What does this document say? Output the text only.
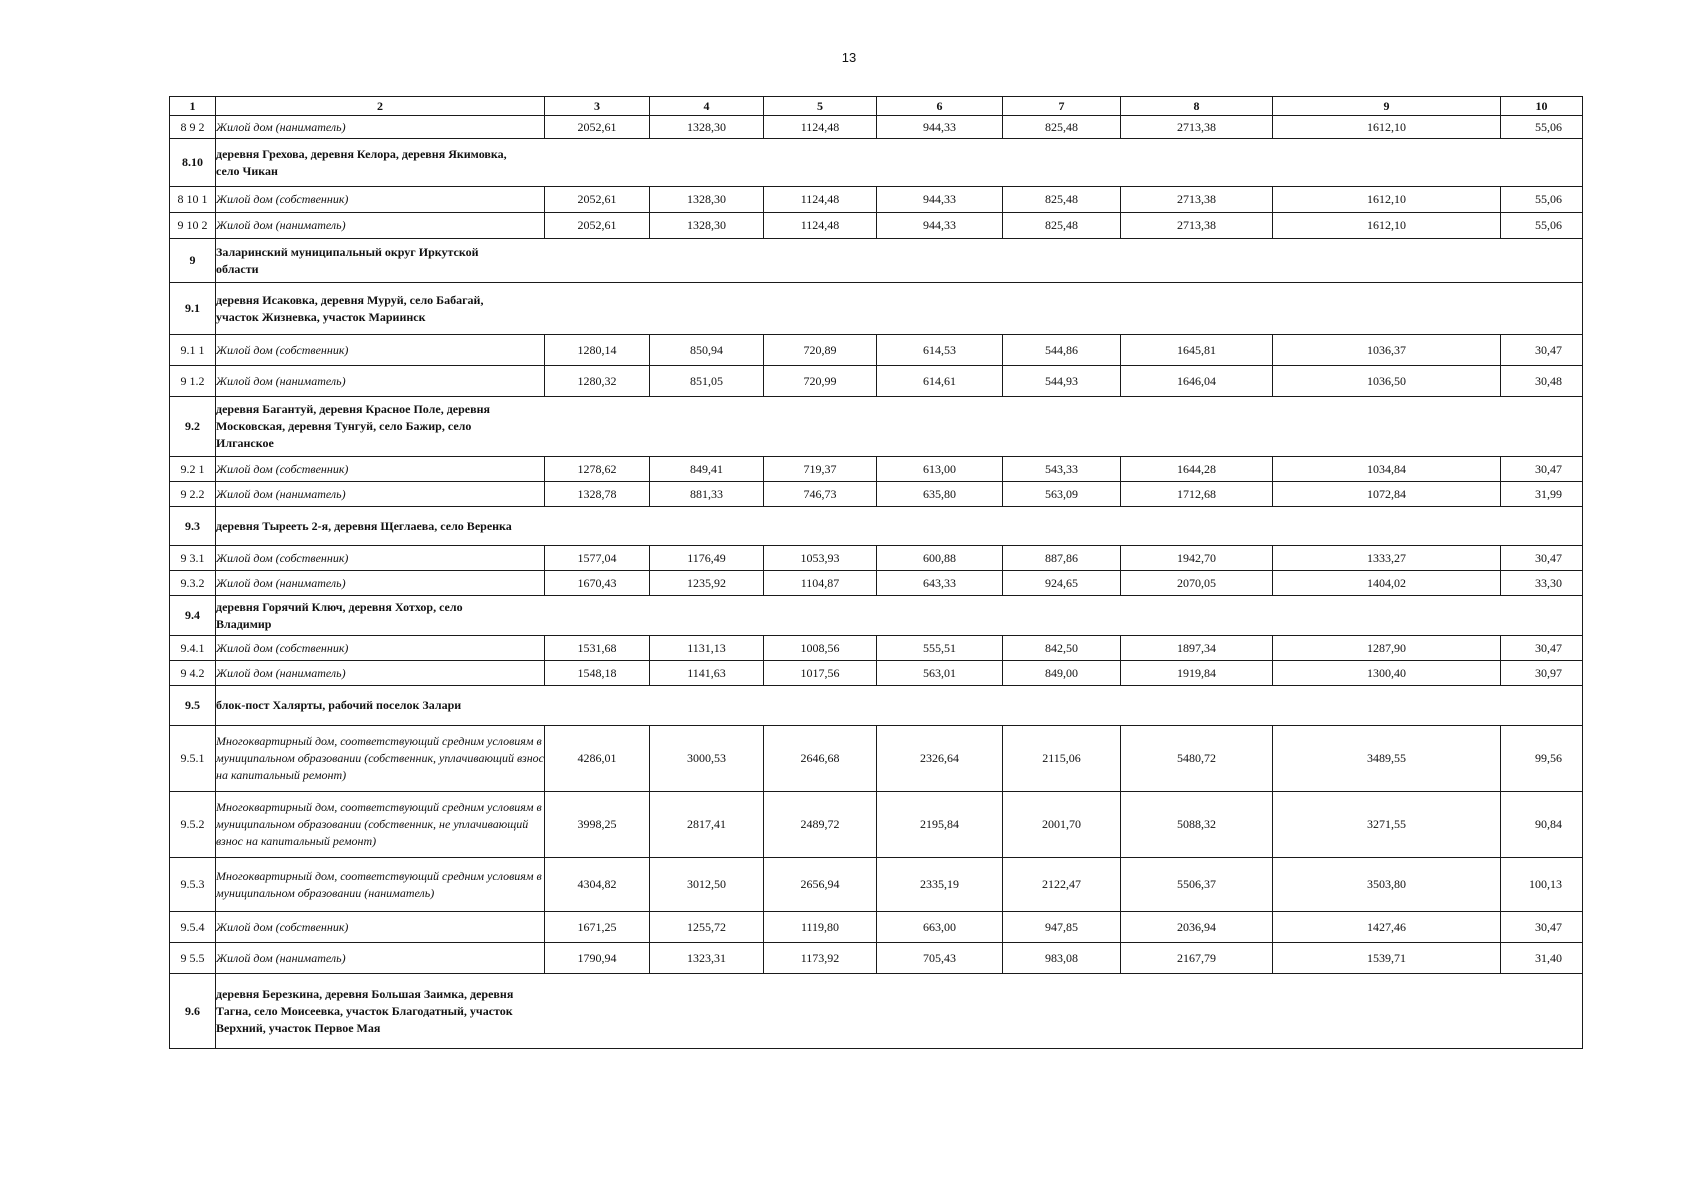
13
1	2	3	4	5	6	7	8	9	10
8 9 2	Жилой дом (наниматель)	2052,61	1328,30	1124,48	944,33	825,48	2713,38	1612,10	55,06
8.10	деревня Грехова, деревня Келора, деревня Якимовка, село Чикан								

8 10 1	Жилой дом (собственник)	2052,61	1328,30	1124,48	944,33	825,48	2713,38	1612,10	55,06
9 10 2	Жилой дом (наниматель)	2052,61	1328,30	1124,48	944,33	825,48	2713,38	1612,10	55,06
9	Заларинский муниципальный округ Иркутской области								

9.1	деревня Исаковка, деревня Муруй, село Бабагай, участок Жизневка, участок Мариинск								

9.1 1	Жилой дом (собственник)	1280,14	850,94	720,89	614,53	544,86	1645,81	1036,37	30,47
9 1.2	Жилой дом (наниматель)	1280,32	851,05	720,99	614,61	544,93	1646,04	1036,50	30,48
9.2	деревня Багантуй, деревня Красное Поле, деревня Московская, деревня Тунгуй, село Бажир, село Илганское								

9.2 1	Жилой дом (собственник)	1278,62	849,41	719,37	613,00	543,33	1644,28	1034,84	30,47
9 2.2	Жилой дом (наниматель)	1328,78	881,33	746,73	635,80	563,09	1712,68	1072,84	31,99
9.3	деревня Тырееть 2-я, деревня Щеглаева, село Веренка								

9 3.1	Жилой дом (собственник)	1577,04	1176,49	1053,93	600,88	887,86	1942,70	1333,27	30,47
9.3.2	Жилой дом (наниматель)	1670,43	1235,92	1104,87	643,33	924,65	2070,05	1404,02	33,30
9.4	деревня Горячий Ключ, деревня Хотхор, село Владимир								

9.4.1	Жилой дом (собственник)	1531,68	1131,13	1008,56	555,51	842,50	1897,34	1287,90	30,47
9 4.2	Жилой дом (наниматель)	1548,18	1141,63	1017,56	563,01	849,00	1919,84	1300,40	30,97
9.5	блок-пост Халярты, рабочий поселок Залари								

9.5.1	Многоквартирный дом, соответствующий средним условиям в муниципальном образовании (собственник, уплачивающий взнос на капитальный ремонт)	4286,01	3000,53	2646,68	2326,64	2115,06	5480,72	3489,55	99,56
9.5.2	Многоквартирный дом, соответствующий средним условиям в муниципальном образовании (собственник, не уплачивающий взнос на капитальный ремонт)	3998,25	2817,41	2489,72	2195,84	2001,70	5088,32	3271,55	90,84
9.5.3	Многоквартирный дом, соответствующий средним условиям в муниципальном образовании (наниматель)	4304,82	3012,50	2656,94	2335,19	2122,47	5506,37	3503,80	100,13
9.5.4	Жилой дом (собственник)	1671,25	1255,72	1119,80	663,00	947,85	2036,94	1427,46	30,47
9 5.5	Жилой дом (наниматель)	1790,94	1323,31	1173,92	705,43	983,08	2167,79	1539,71	31,40
9.6	деревня Березкина, деревня Большая Заимка, деревня Тагна, село Моисеевка, участок Благодатный, участок Верхний, участок Первое Мая								
